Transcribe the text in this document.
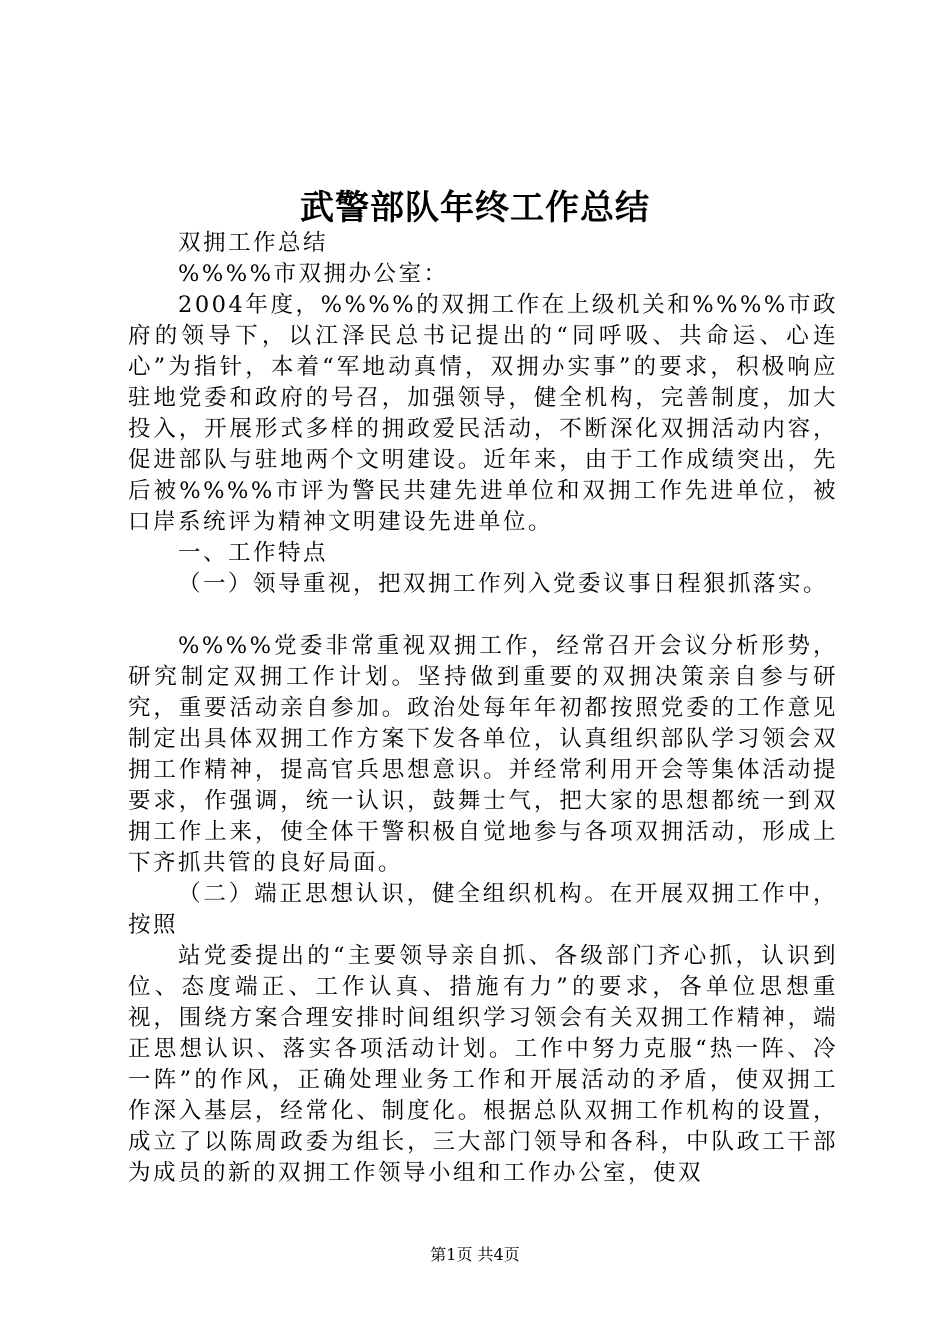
武警部队年终工作总结

双拥工作总结

%%%%市双拥办公室：

2004年度，%%%%的双拥工作在上级机关和%%%%市政府的领导下，以江泽民总书记提出的“同呼吸、共命运、心连心”为指针，本着“军地动真情，双拥办实事”的要求，积极响应驻地党委和政府的号召，加强领导，健全机构，完善制度，加大投入，开展形式多样的拥政爱民活动，不断深化双拥活动内容，促进部队与驻地两个文明建设。近年来，由于工作成绩突出，先后被%%%%市评为警民共建先进单位和双拥工作先进单位，被口岸系统评为精神文明建设先进单位。

一、工作特点

（一）领导重视，把双拥工作列入党委议事日程狠抓落实。

%%%%党委非常重视双拥工作，经常召开会议分析形势，研究制定双拥工作计划。坚持做到重要的双拥决策亲自参与研究，重要活动亲自参加。政治处每年年初都按照党委的工作意见制定出具体双拥工作方案下发各单位，认真组织部队学习领会双拥工作精神，提高官兵思想意识。并经常利用开会等集体活动提要求，作强调，统一认识，鼓舞士气，把大家的思想都统一到双拥工作上来，使全体干警积极自觉地参与各项双拥活动，形成上下齐抓共管的良好局面。

（二）端正思想认识，健全组织机构。在开展双拥工作中，按照

站党委提出的“主要领导亲自抓、各级部门齐心抓，认识到位、态度端正、工作认真、措施有力”的要求，各单位思想重视，围绕方案合理安排时间组织学习领会有关双拥工作精神，端正思想认识、落实各项活动计划。工作中努力克服“热一阵、冷一阵”的作风，正确处理业务工作和开展活动的矛盾，使双拥工作深入基层，经常化、制度化。根据总队双拥工作机构的设置，成立了以陈周政委为组长，三大部门领导和各科，中队政工干部为成员的新的双拥工作领导小组和工作办公室，使双

第1页 共4页
